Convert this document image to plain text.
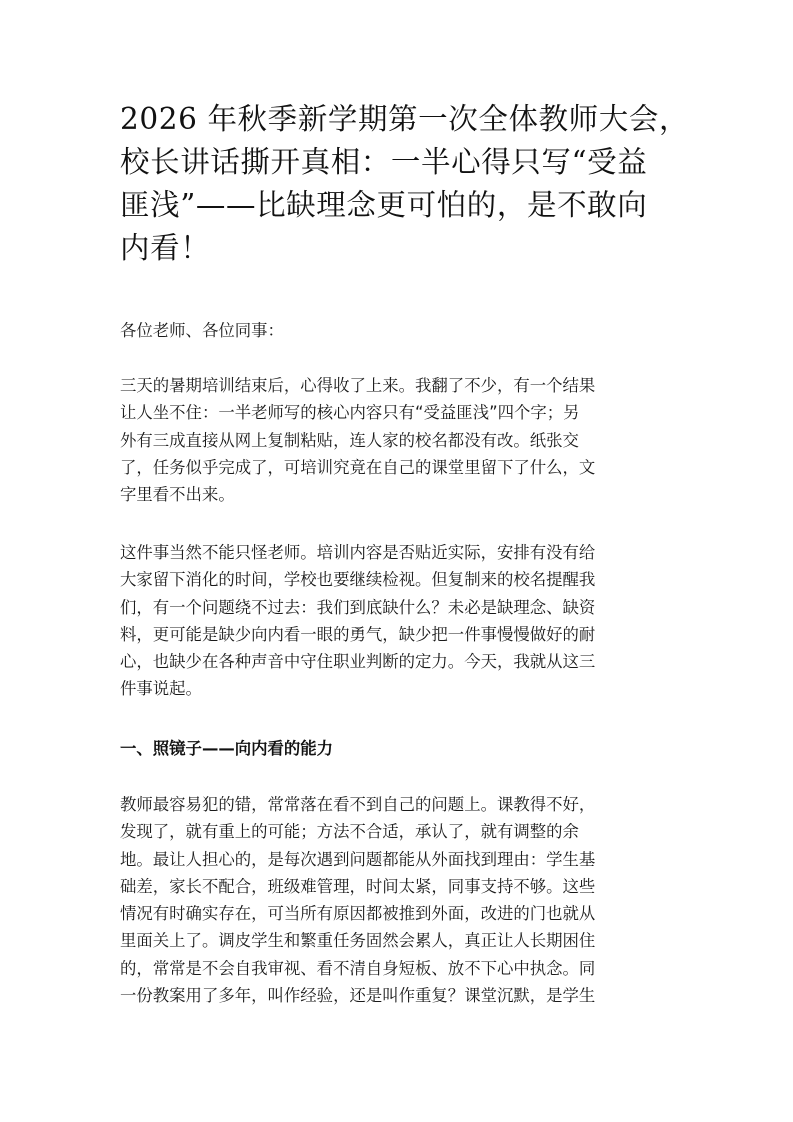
2026 年秋季新学期第一次全体教师大会，
校长讲话撕开真相：一半心得只写“受益
匪浅”——比缺理念更可怕的，是不敢向
内看！

各位老师、各位同事：

三天的暑期培训结束后，心得收了上来。我翻了不少，有一个结果
让人坐不住：一半老师写的核心内容只有“受益匪浅”四个字；另
外有三成直接从网上复制粘贴，连人家的校名都没有改。纸张交
了，任务似乎完成了，可培训究竟在自己的课堂里留下了什么，文
字里看不出来。

这件事当然不能只怪老师。培训内容是否贴近实际，安排有没有给
大家留下消化的时间，学校也要继续检视。但复制来的校名提醒我
们，有一个问题绕不过去：我们到底缺什么？未必是缺理念、缺资
料，更可能是缺少向内看一眼的勇气，缺少把一件事慢慢做好的耐
心，也缺少在各种声音中守住职业判断的定力。今天，我就从这三
件事说起。

一、照镜子——向内看的能力

教师最容易犯的错，常常落在看不到自己的问题上。课教得不好，
发现了，就有重上的可能；方法不合适，承认了，就有调整的余
地。最让人担心的，是每次遇到问题都能从外面找到理由：学生基
础差，家长不配合，班级难管理，时间太紧，同事支持不够。这些
情况有时确实存在，可当所有原因都被推到外面，改进的门也就从
里面关上了。调皮学生和繁重任务固然会累人，真正让人长期困住
的，常常是不会自我审视、看不清自身短板、放不下心中执念。同
一份教案用了多年，叫作经验，还是叫作重复？课堂沉默，是学生
